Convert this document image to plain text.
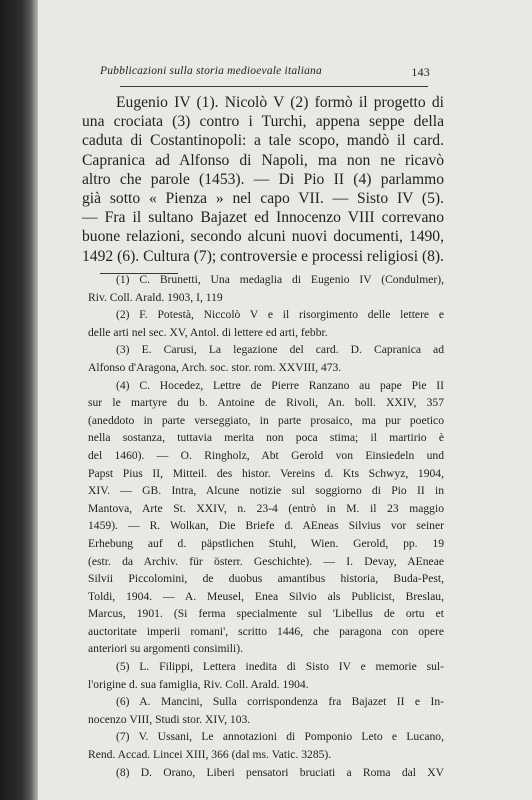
Pubblicazioni sulla storia medioevale italiana	143
Eugenio IV (1). Nicolò V (2) formò il progetto di
una crociata (3) contro i Turchi, appena seppe della
caduta di Costantinopoli: a tale scopo, mandò il card.
Capranica ad Alfonso di Napoli, ma non ne ricavò
altro che parole (1453). — Di Pio II (4) parlammo
già sotto « Pienza » nel capo VII. — Sisto IV (5).
— Fra il sultano Bajazet ed Innocenzo VIII correvano
buone relazioni, secondo alcuni nuovi documenti, 1490,
1492 (6). Cultura (7); controversie e processi religiosi (8).
(1) C. Brunetti, Una medaglia di Eugenio IV (Condulmer),
Riv. Coll. Arald. 1903, I, 119
(2) F. Potestà, Niccolò V e il risorgimento delle lettere e
delle arti nel sec. XV, Antol. di lettere ed arti, febbr.
(3) E. Carusi, La legazione del card. D. Capranica ad
Alfonso d'Aragona, Arch. soc. stor. rom. XXVIII, 473.
(4) C. Hocedez, Lettre de Pierre Ranzano au pape Pie II
sur le martyre du b. Antoine de Rivoli, An. boll. XXIV, 357
(aneddoto in parte verseggiato, in parte prosaico, ma pur poetico
nella sostanza, tuttavia merita non poca stima; il martirio è
del 1460). — O. Ringholz, Abt Gerold von Einsiedeln und
Papst Pius II, Mitteil. des histor. Vereins d. Kts Schwyz, 1904,
XIV. — GB. Intra, Alcune notizie sul soggiorno di Pio II in
Mantova, Arte St. XXIV, n. 23-4 (entrò in M. il 23 maggio
1459). — R. Wolkan, Die Briefe d. AEneas Silvius vor seiner
Erhebung auf d. päpstlichen Stuhl, Wien. Gerold, pp. 19
(estr. da Archiv. für österr. Geschichte). — I. Devay, AEneae
Silvii Piccolomini, de duobus amantibus historia, Buda-Pest,
Toldi, 1904. — A. Meusel, Enea Silvio als Publicist, Breslau,
Marcus, 1901. (Si ferma specialmente sul 'Libellus de ortu et
auctoritate imperii romani', scritto 1446, che paragona con opere
anteriori su argomenti consimili).
(5) L. Filippi, Lettera inedita di Sisto IV e memorie sul-
l'origine d. sua famiglia, Riv. Coll. Arald. 1904.
(6) A. Mancini, Sulla corrispondenza fra Bajazet II e In-
nocenzo VIII, Studi stor. XIV, 103.
(7) V. Ussani, Le annotazioni di Pomponio Leto e Lucano,
Rend. Accad. Lincei XIII, 366 (dal ms. Vatic. 3285).
(8) D. Orano, Liberi pensatori bruciati a Roma dal XV
